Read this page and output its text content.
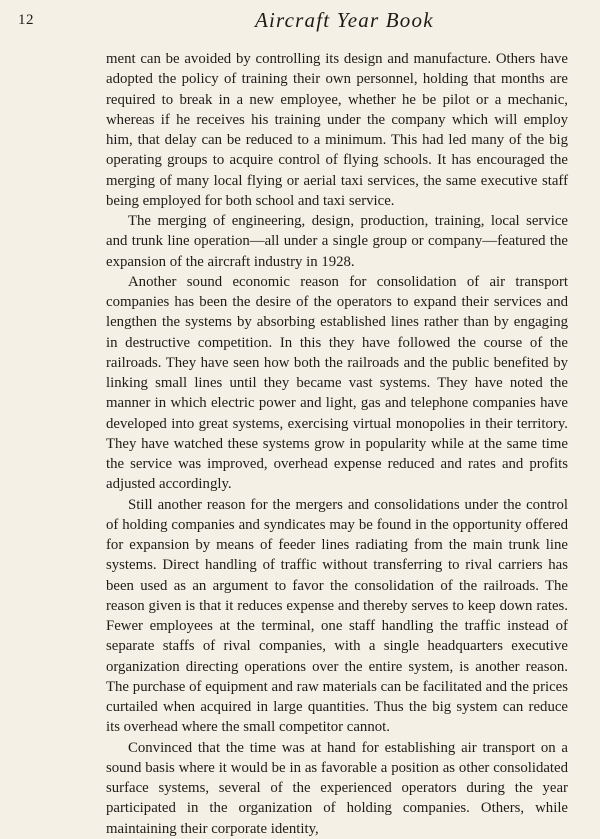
12	Aircraft Year Book

ment can be avoided by controlling its design and manufacture. Others have adopted the policy of training their own personnel, holding that months are required to break in a new employee, whether he be pilot or a mechanic, whereas if he receives his training under the company which will employ him, that delay can be reduced to a minimum. This had led many of the big operating groups to acquire control of flying schools. It has encouraged the merging of many local flying or aerial taxi services, the same executive staff being employed for both school and taxi service.

The merging of engineering, design, production, training, local service and trunk line operation—all under a single group or company—featured the expansion of the aircraft industry in 1928.

Another sound economic reason for consolidation of air transport companies has been the desire of the operators to expand their services and lengthen the systems by absorbing established lines rather than by engaging in destructive competition. In this they have followed the course of the railroads. They have seen how both the railroads and the public benefited by linking small lines until they became vast systems. They have noted the manner in which electric power and light, gas and telephone companies have developed into great systems, exercising virtual monopolies in their territory. They have watched these systems grow in popularity while at the same time the service was improved, overhead expense reduced and rates and profits adjusted accordingly.

Still another reason for the mergers and consolidations under the control of holding companies and syndicates may be found in the opportunity offered for expansion by means of feeder lines radiating from the main trunk line systems. Direct handling of traffic without transferring to rival carriers has been used as an argument to favor the consolidation of the railroads. The reason given is that it reduces expense and thereby serves to keep down rates. Fewer employees at the terminal, one staff handling the traffic instead of separate staffs of rival companies, with a single headquarters executive organization directing operations over the entire system, is another reason. The purchase of equipment and raw materials can be facilitated and the prices curtailed when acquired in large quantities. Thus the big system can reduce its overhead where the small competitor cannot.

Convinced that the time was at hand for establishing air transport on a sound basis where it would be in as favorable a position as other consolidated surface systems, several of the experienced operators during the year participated in the organization of holding companies. Others, while maintaining their corporate identity,
